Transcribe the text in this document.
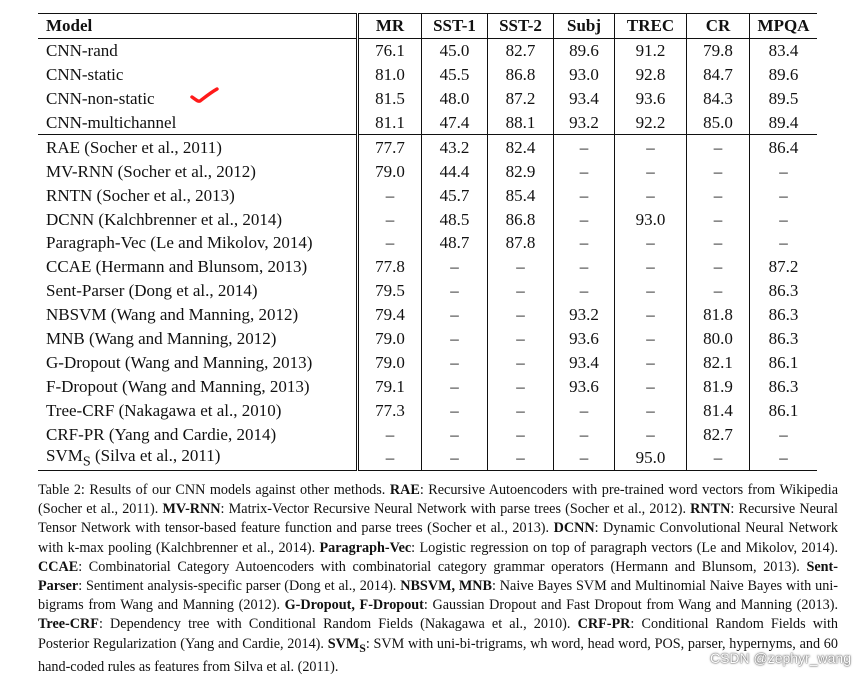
Model	MR	SST-1	SST-2	Subj	TREC	CR	MPQA
CNN-rand	76.1	45.0	82.7	89.6	91.2	79.8	83.4
CNN-static	81.0	45.5	86.8	93.0	92.8	84.7	89.6
CNN-non-static	81.5	48.0	87.2	93.4	93.6	84.3	89.5
CNN-multichannel	81.1	47.4	88.1	93.2	92.2	85.0	89.4
RAE (Socher et al., 2011)	77.7	43.2	82.4	–	–	–	86.4
MV-RNN (Socher et al., 2012)	79.0	44.4	82.9	–	–	–	–
RNTN (Socher et al., 2013)	–	45.7	85.4	–	–	–	–
DCNN (Kalchbrenner et al., 2014)	–	48.5	86.8	–	93.0	–	–
Paragraph-Vec (Le and Mikolov, 2014)	–	48.7	87.8	–	–	–	–
CCAE (Hermann and Blunsom, 2013)	77.8	–	–	–	–	–	87.2
Sent-Parser (Dong et al., 2014)	79.5	–	–	–	–	–	86.3
NBSVM (Wang and Manning, 2012)	79.4	–	–	93.2	–	81.8	86.3
MNB (Wang and Manning, 2012)	79.0	–	–	93.6	–	80.0	86.3
G-Dropout (Wang and Manning, 2013)	79.0	–	–	93.4	–	82.1	86.1
F-Dropout (Wang and Manning, 2013)	79.1	–	–	93.6	–	81.9	86.3
Tree-CRF (Nakagawa et al., 2010)	77.3	–	–	–	–	81.4	86.1
CRF-PR (Yang and Cardie, 2014)	–	–	–	–	–	82.7	–
$SVM_S$ (Silva et al., 2011)	–	–	–	–	95.0	–	–
Table 2: Results of our CNN models against other methods. RAE: Recursive Autoencoders with pre-trained word vectors from Wikipedia (Socher et al., 2011). MV-RNN: Matrix-Vector Recursive Neural Network with parse trees (Socher et al., 2012). RNTN: Recursive Neural Tensor Network with tensor-based feature function and parse trees (Socher et al., 2013). DCNN: Dynamic Convolutional Neural Network with k-max pooling (Kalchbrenner et al., 2014). Paragraph-Vec: Logistic regression on top of paragraph vectors (Le and Mikolov, 2014). CCAE: Combinatorial Category Autoencoders with combinatorial category grammar operators (Hermann and Blunsom, 2013). Sent-Parser: Sentiment analysis-specific parser (Dong et al., 2014). NBSVM, MNB: Naive Bayes SVM and Multinomial Naive Bayes with uni-bigrams from Wang and Manning (2012). G-Dropout, F-Dropout: Gaussian Dropout and Fast Dropout from Wang and Manning (2013). Tree-CRF: Dependency tree with Conditional Random Fields (Nakagawa et al., 2010). CRF-PR: Conditional Random Fields with Posterior Regularization (Yang and Cardie, 2014). $SVM_S$: SVM with uni-bi-trigrams, wh word, head word, POS, parser, hypernyms, and 60 hand-coded rules as features from Silva et al. (2011).
CSDN @zephyr_wang
